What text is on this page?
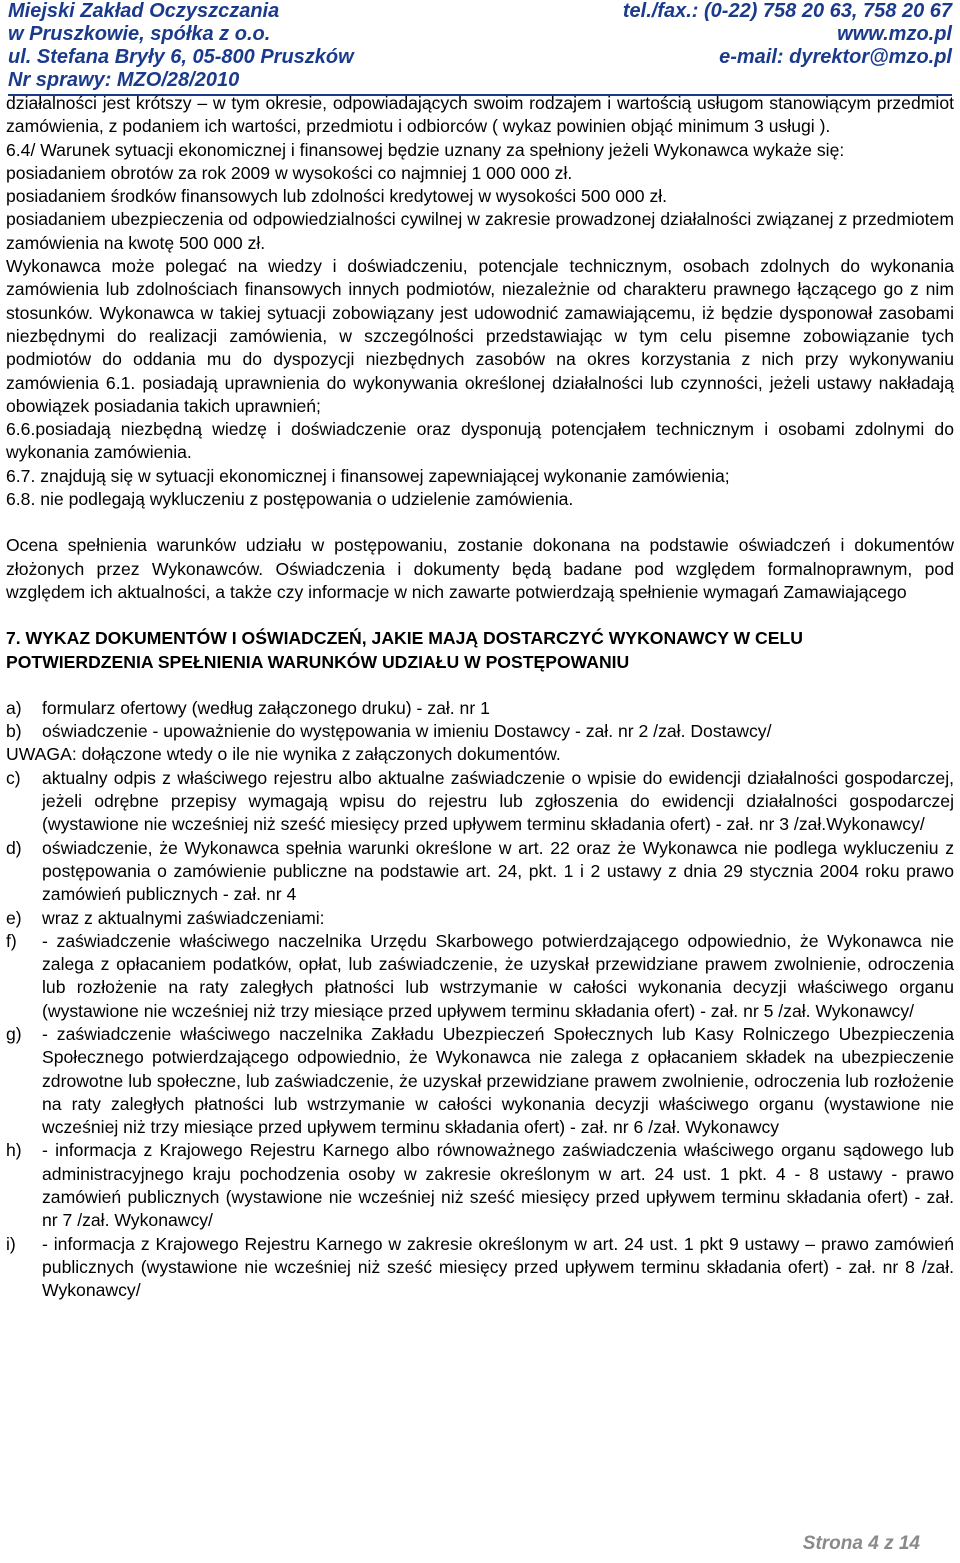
Miejski Zakład Oczyszczania	tel./fax.: (0-22) 758 20 63, 758 20 67
w Pruszkowie, spółka z o.o.	www.mzo.pl
ul. Stefana Bryły 6, 05-800 Pruszków	e-mail: dyrektor@mzo.pl
Nr sprawy: MZO/28/2010

działalności jest krótszy – w tym okresie, odpowiadających swoim rodzajem i wartością usługom stanowiącym przedmiot zamówienia, z podaniem ich wartości, przedmiotu i odbiorców ( wykaz powinien objąć minimum 3 usługi ).

6.4/ Warunek sytuacji ekonomicznej i finansowej będzie uznany za spełniony jeżeli Wykonawca wykaże się:

posiadaniem obrotów za rok 2009 w wysokości co najmniej 1 000 000 zł.

posiadaniem środków finansowych lub zdolności kredytowej w wysokości 500 000 zł.

posiadaniem ubezpieczenia od odpowiedzialności cywilnej w zakresie prowadzonej działalności związanej z przedmiotem zamówienia na kwotę 500 000 zł.

Wykonawca może polegać na wiedzy i doświadczeniu, potencjale technicznym, osobach zdolnych do wykonania zamówienia lub zdolnościach finansowych innych podmiotów, niezależnie od charakteru prawnego łączącego go z nim stosunków. Wykonawca w takiej sytuacji zobowiązany jest udowodnić zamawiającemu, iż będzie dysponował zasobami niezbędnymi do realizacji zamówienia, w szczególności przedstawiając w tym celu pisemne zobowiązanie tych podmiotów do oddania mu do dyspozycji niezbędnych zasobów na okres korzystania z nich przy wykonywaniu zamówienia 6.1. posiadają uprawnienia do wykonywania określonej działalności lub czynności, jeżeli ustawy nakładają obowiązek posiadania takich uprawnień;

6.6.posiadają niezbędną wiedzę i doświadczenie oraz dysponują potencjałem technicznym i osobami zdolnymi do wykonania zamówienia.

6.7. znajdują się w sytuacji ekonomicznej i finansowej zapewniającej wykonanie zamówienia;

6.8. nie podlegają wykluczeniu z postępowania o udzielenie zamówienia.

Ocena spełnienia warunków udziału w postępowaniu, zostanie dokonana na podstawie oświadczeń i dokumentów złożonych przez Wykonawców. Oświadczenia i dokumenty będą badane pod względem formalnoprawnym, pod względem ich aktualności, a także czy informacje w nich zawarte potwierdzają spełnienie wymagań Zamawiającego

7. WYKAZ DOKUMENTÓW I OŚWIADCZEŃ, JAKIE MAJĄ DOSTARCZYĆ WYKONAWCY W CELU POTWIERDZENIA SPEŁNIENIA WARUNKÓW UDZIAŁU W POSTĘPOWANIU
a)	formularz ofertowy (według załączonego druku) - zał. nr 1
b)	oświadczenie - upoważnienie do występowania w imieniu Dostawcy - zał. nr 2 /zał. Dostawcy/

UWAGA: dołączone wtedy o ile nie wynika z załączonych dokumentów.

c)	aktualny odpis z właściwego rejestru albo aktualne zaświadczenie o wpisie do ewidencji działalności gospodarczej, jeżeli odrębne przepisy wymagają wpisu do rejestru lub zgłoszenia do ewidencji działalności gospodarczej (wystawione nie wcześniej niż sześć miesięcy przed upływem terminu składania ofert) - zał. nr 3 /zał.Wykonawcy/
d)	oświadczenie, że Wykonawca spełnia warunki określone w art. 22 oraz że Wykonawca nie podlega wykluczeniu z postępowania o zamówienie publiczne na podstawie art. 24, pkt. 1 i 2 ustawy z dnia 29 stycznia 2004 roku prawo zamówień publicznych - zał. nr 4
e)	wraz z aktualnymi zaświadczeniami:
f)	- zaświadczenie właściwego naczelnika Urzędu Skarbowego potwierdzającego odpowiednio, że Wykonawca nie zalega z opłacaniem podatków, opłat, lub zaświadczenie, że uzyskał przewidziane prawem zwolnienie, odroczenia lub rozłożenie na raty zaległych płatności lub wstrzymanie w całości wykonania decyzji właściwego organu (wystawione nie wcześniej niż trzy miesiące przed upływem terminu składania ofert) - zał. nr 5 /zał. Wykonawcy/
g)	- zaświadczenie właściwego naczelnika Zakładu Ubezpieczeń Społecznych lub Kasy Rolniczego Ubezpieczenia Społecznego potwierdzającego odpowiednio, że Wykonawca nie zalega z opłacaniem składek na ubezpieczenie zdrowotne lub społeczne, lub zaświadczenie, że uzyskał przewidziane prawem zwolnienie, odroczenia lub rozłożenie na raty zaległych płatności lub wstrzymanie w całości wykonania decyzji właściwego organu (wystawione nie wcześniej niż trzy miesiące przed upływem terminu składania ofert) - zał. nr 6 /zał. Wykonawcy
h)	- informacja z Krajowego Rejestru Karnego albo równoważnego zaświadczenia właściwego organu sądowego lub administracyjnego kraju pochodzenia osoby w zakresie określonym w art. 24 ust. 1 pkt. 4 - 8 ustawy - prawo zamówień publicznych (wystawione nie wcześniej niż sześć miesięcy przed upływem terminu składania ofert) - zał. nr 7 /zał. Wykonawcy/
i)	- informacja z Krajowego Rejestru Karnego w zakresie określonym w art. 24 ust. 1 pkt 9 ustawy – prawo zamówień publicznych (wystawione nie wcześniej niż sześć miesięcy przed upływem terminu składania ofert) - zał. nr 8 /zał. Wykonawcy/
Strona 4 z 14
